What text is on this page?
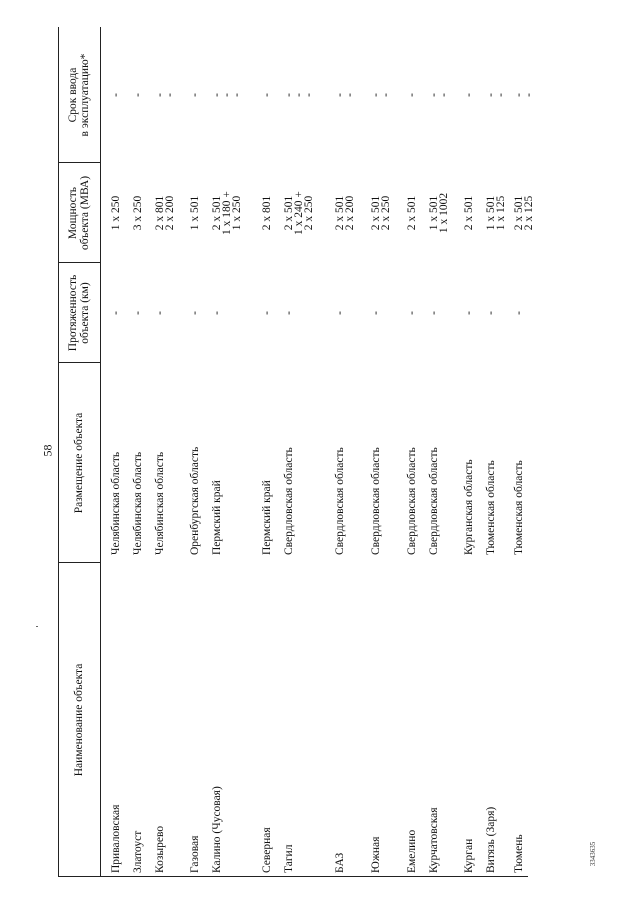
58
3343635
Наименование объекта
Размещение объекта
Протяженность
объекта (км)
Мощность
объекта (МВА)
Срок ввода
в эксплуатацию*
Приваловская
Челябинская область
-
1 х 250
-
Златоуст
Челябинская область
-
3 х 250
-
Козырево
Челябинская область
-
2 х 801
2 х 200
-
-
Газовая
Оренбургская область
-
1 х 501
-
Калино (Чусовая)
Пермский край
-
2 х 501
1 х 180 +
1 х 250
-
-
-
Северная
Пермский край
-
2 х 801
-
Тагил
Свердловская область
-
2 х 501
1 х 240 +
2 х 250
-
-
-
БАЗ
Свердловская область
-
2 х 501
2 х 200
-
-
Южная
Свердловская область
-
2 х 501
2 х 250
-
-
Емелино
Свердловская область
-
2 х 501
-
Курчатовская
Свердловская область
-
1 х 501
1 х 1002
-
-
Курган
Курганская область
-
2 х 501
-
Витязь (Заря)
Тюменская область
-
1 х 501
1 х 125
-
-
Тюмень
Тюменская область
-
2 х 501
2 х 125
-
-
